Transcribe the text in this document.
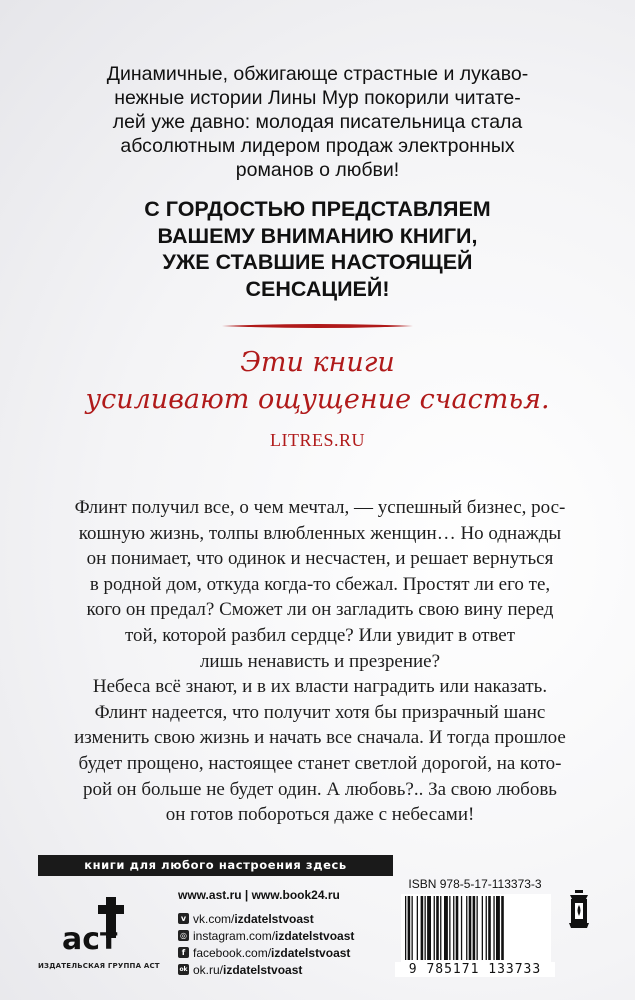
Динамичные, обжигающе страстные и лукаво-
нежные истории Лины Мур покорили читате-
лей уже давно: молодая писательница стала
абсолютным лидером продаж электронных
романов о любви!
С ГОРДОСТЬЮ ПРЕДСТАВЛЯЕМ
ВАШЕМУ ВНИМАНИЮ КНИГИ,
УЖЕ СТАВШИЕ НАСТОЯЩЕЙ
СЕНСАЦИЕЙ!
Эти книги
усиливают ощущение счастья.
LITRES.RU
Флинт получил все, о чем мечтал, — успешный бизнес, рос-
кошную жизнь, толпы влюбленных женщин… Но однажды
он понимает, что одинок и несчастен, и решает вернуться
в родной дом, откуда когда-то сбежал. Простят ли его те,
кого он предал? Сможет ли он загладить свою вину перед
той, которой разбил сердце? Или увидит в ответ
лишь ненависть и презрение?
Небеса всё знают, и в их власти наградить или наказать.
Флинт надеется, что получит хотя бы призрачный шанс
изменить свою жизнь и начать все сначала. И тогда прошлое
будет прощено, настоящее станет светлой дорогой, на кото-
рой он больше не будет один. А любовь?.. За свою любовь
он готов побороться даже с небесами!
книги для любого настроения здесь
аст
ИЗДАТЕЛЬСКАЯ ГРУППА АСТ
www.ast.ru | www.book24.ru
v vk.com/ izdatelstvoast
◎ instagram.com/ izdatelstvoast
f facebook.com/ izdatelstvoast
ok ok.ru/ izdatelstvoast
ISBN 978-5-17-113373-3
9 785171 133733
